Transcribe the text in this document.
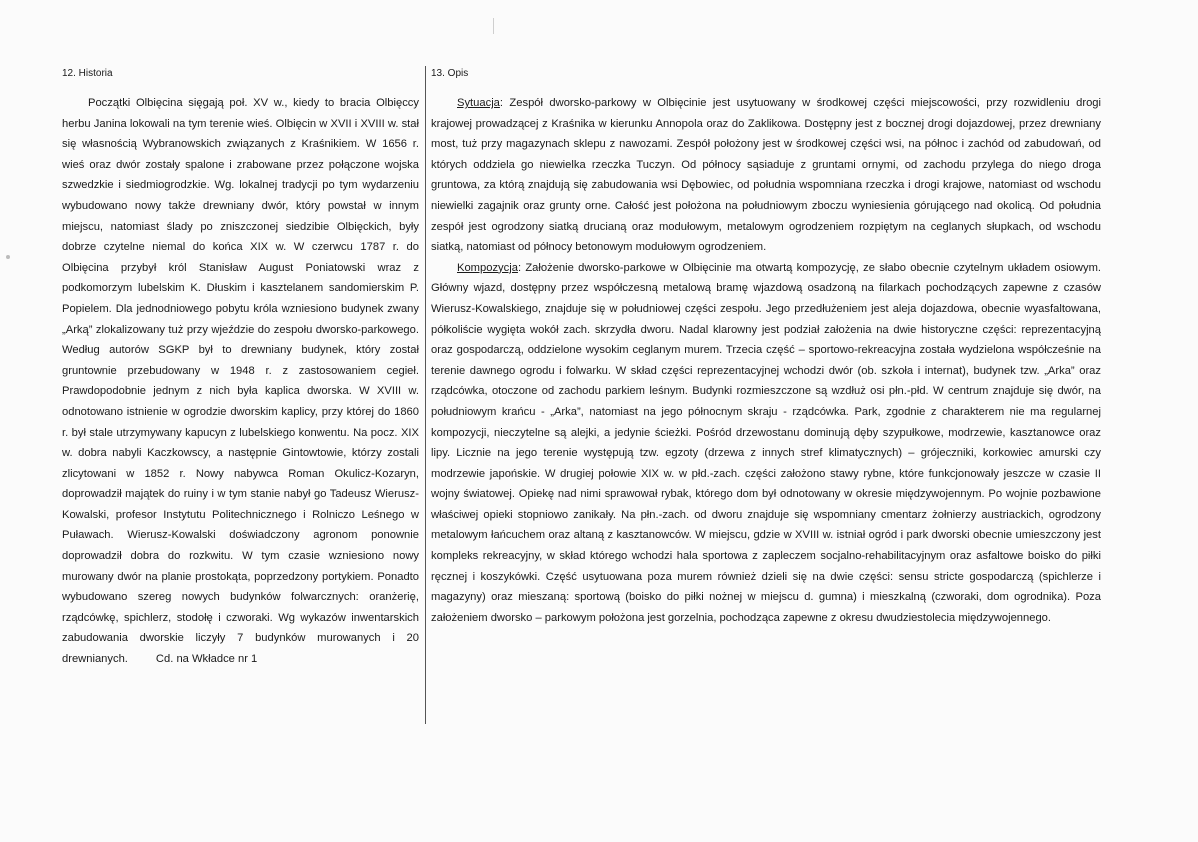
12. Historia	13. Opis

Początki Olbięcina sięgają poł. XV w., kiedy to bracia Olbięccy herbu Janina lokowali na tym terenie wieś. Olbięcin w XVII i XVIII w. stał się własnością Wybranowskich związanych z Kraśnikiem. W 1656 r. wieś oraz dwór zostały spalone i zrabowane przez połączone wojska szwedzkie i siedmiogrodzkie. Wg. lokalnej tradycji po tym wydarzeniu wybudowano nowy także drewniany dwór, który powstał w innym miejscu, natomiast ślady po zniszczonej siedzibie Olbięckich, były dobrze czytelne niemal do końca XIX w. W czerwcu 1787 r. do Olbięcina przybył król Stanisław August Poniatowski wraz z podkomorzym lubelskim K. Dłuskim i kasztelanem sandomierskim P. Popielem. Dla jednodniowego pobytu króla wzniesiono budynek zwany „Arką” zlokalizowany tuż przy wjeździe do zespołu dworsko-parkowego. Według autorów SGKP był to drewniany budynek, który został gruntownie przebudowany w 1948 r. z zastosowaniem cegieł. Prawdopodobnie jednym z nich była kaplica dworska. W XVIII w. odnotowano istnienie w ogrodzie dworskim kaplicy, przy której do 1860 r. był stale utrzymywany kapucyn z lubelskiego konwentu. Na pocz. XIX w. dobra nabyli Kaczkowscy, a następnie Gintowtowie, którzy zostali zlicytowani w 1852 r. Nowy nabywca Roman Okulicz-Kozaryn, doprowadził majątek do ruiny i w tym stanie nabył go Tadeusz Wierusz-Kowalski, profesor Instytutu Politechnicznego i Rolniczo Leśnego w Puławach. Wierusz-Kowalski doświadczony agronom ponownie doprowadził dobra do rozkwitu. W tym czasie wzniesiono nowy murowany dwór na planie prostokąta, poprzedzony portykiem. Ponadto wybudowano szereg nowych budynków folwarcznych: oranżerię, rządcówkę, spichlerz, stodołę i czworaki. Wg wykazów inwentarskich zabudowania dworskie liczyły 7 budynków murowanych i 20 drewnianych.	Cd. na Wkładce nr 1

Sytuacja: Zespół dworsko-parkowy w Olbięcinie jest usytuowany w środkowej części miejscowości, przy rozwidleniu drogi krajowej prowadzącej z Kraśnika w kierunku Annopola oraz do Zaklikowa. Dostępny jest z bocznej drogi dojazdowej, przez drewniany most, tuż przy magazynach sklepu z nawozami. Zespół położony jest w środkowej części wsi, na północ i zachód od zabudowań, od których oddziela go niewielka rzeczka Tuczyn. Od północy sąsiaduje z gruntami ornymi, od zachodu przylega do niego droga gruntowa, za którą znajdują się zabudowania wsi Dębowiec, od południa wspomniana rzeczka i drogi krajowe, natomiast od wschodu niewielki zagajnik oraz grunty orne. Całość jest położona na południowym zboczu wyniesienia górującego nad okolicą. Od południa zespół jest ogrodzony siatką drucianą oraz modułowym, metalowym ogrodzeniem rozpiętym na ceglanych słupkach, od wschodu siatką, natomiast od północy betonowym modułowym ogrodzeniem.

Kompozycja: Założenie dworsko-parkowe w Olbięcinie ma otwartą kompozycję, ze słabo obecnie czytelnym układem osiowym. Główny wjazd, dostępny przez współczesną metalową bramę wjazdową osadzoną na filarkach pochodzących zapewne z czasów Wierusz-Kowalskiego, znajduje się w południowej części zespołu. Jego przedłużeniem jest aleja dojazdowa, obecnie wyasfaltowana, półkoliście wygięta wokół zach. skrzydła dworu. Nadal klarowny jest podział założenia na dwie historyczne części: reprezentacyjną oraz gospodarczą, oddzielone wysokim ceglanym murem. Trzecia część – sportowo-rekreacyjna została wydzielona współcześnie na terenie dawnego ogrodu i folwarku. W skład części reprezentacyjnej wchodzi dwór (ob. szkoła i internat), budynek tzw. „Arka” oraz rządcówka, otoczone od zachodu parkiem leśnym. Budynki rozmieszczone są wzdłuż osi płn.-płd. W centrum znajduje się dwór, na południowym krańcu - „Arka”, natomiast na jego północnym skraju - rządcówka. Park, zgodnie z charakterem nie ma regularnej kompozycji, nieczytelne są alejki, a jedynie ścieżki. Pośród drzewostanu dominują dęby szypułkowe, modrzewie, kasztanowce oraz lipy. Licznie na jego terenie występują tzw. egzoty (drzewa z innych stref klimatycznych) – grójeczniki, korkowiec amurski czy modrzewie japońskie. W drugiej połowie XIX w. w płd.-zach. części założono stawy rybne, które funkcjonowały jeszcze w czasie II wojny światowej. Opiekę nad nimi sprawował rybak, którego dom był odnotowany w okresie międzywojennym. Po wojnie pozbawione właściwej opieki stopniowo zanikały. Na płn.-zach. od dworu znajduje się wspomniany cmentarz żołnierzy austriackich, ogrodzony metalowym łańcuchem oraz altaną z kasztanowców. W miejscu, gdzie w XVIII w. istniał ogród i park dworski obecnie umieszczony jest kompleks rekreacyjny, w skład którego wchodzi hala sportowa z zapleczem socjalno-rehabilitacyjnym oraz asfaltowe boisko do piłki ręcznej i koszykówki. Część usytuowana poza murem również dzieli się na dwie części: sensu stricte gospodarczą (spichlerze i magazyny) oraz mieszaną: sportową (boisko do piłki nożnej w miejscu d. gumna) i mieszkalną (czworaki, dom ogrodnika). Poza założeniem dworsko – parkowym położona jest gorzelnia, pochodząca zapewne z okresu dwudziestolecia międzywojennego.
